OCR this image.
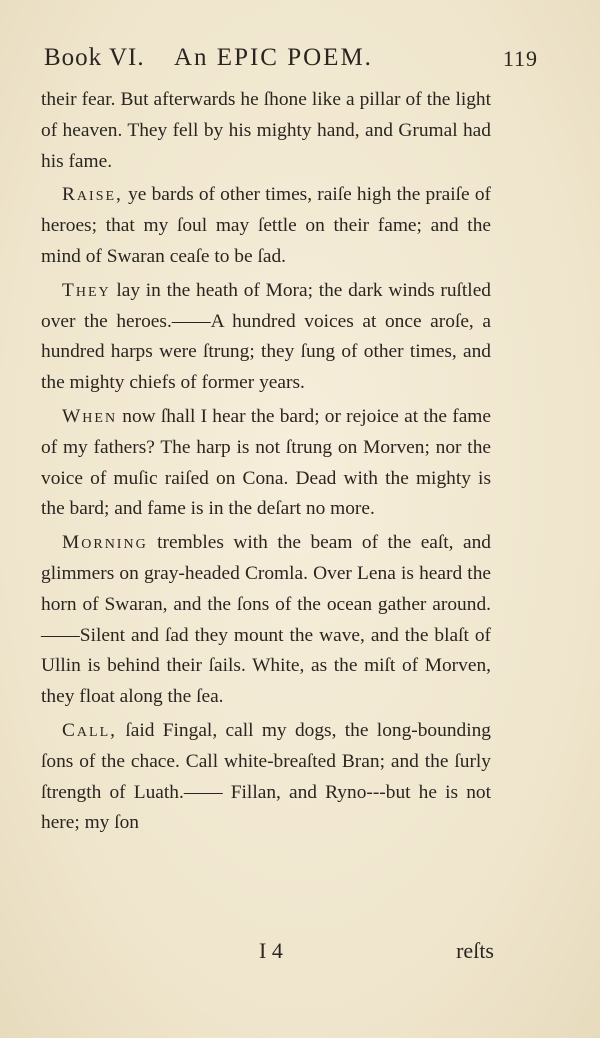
Book VI. An EPIC POEM.	119

their fear. But afterwards he ſhone like a pillar of the light of heaven. They fell by his mighty hand, and Grumal had his fame.

Raise, ye bards of other times, raiſe high the praiſe of heroes; that my ſoul may ſettle on their fame; and the mind of Swaran ceaſe to be ſad.

They lay in the heath of Mora; the dark winds ruſtled over the heroes.——A hundred voices at once aroſe, a hundred harps were ſtrung; they ſung of other times, and the mighty chiefs of former years.

When now ſhall I hear the bard; or rejoice at the fame of my fathers? The harp is not ſtrung on Morven; nor the voice of muſic raiſed on Cona. Dead with the mighty is the bard; and fame is in the deſart no more.

Morning trembles with the beam of the eaſt, and glimmers on gray-headed Cromla. Over Lena is heard the horn of Swaran, and the ſons of the ocean gather around.——Silent and ſad they mount the wave, and the blaſt of Ullin is behind their ſails. White, as the miſt of Morven, they float along the ſea.

Call, ſaid Fingal, call my dogs, the long-bounding ſons of the chace. Call white-breaſted Bran; and the ſurly ſtrength of Luath.—— Fillan, and Ryno---but he is not here; my ſon

I 4	reſts
